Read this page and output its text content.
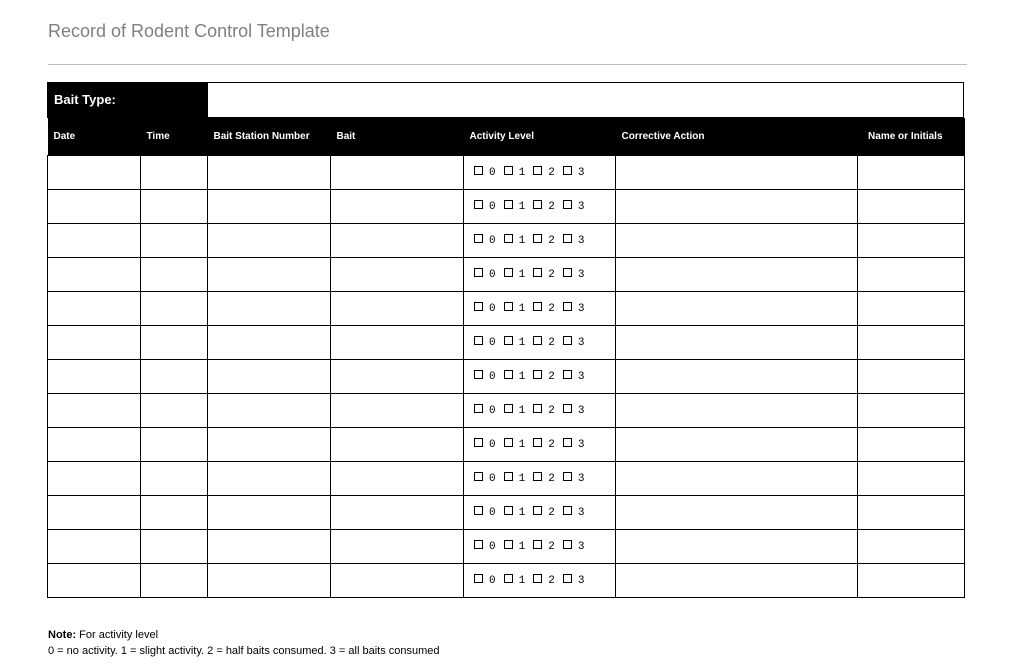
Record of Rodent Control Template
Bait Type:
Date	Time	Bait Station Number	Bait	Activity Level	Corrective Action	Name or Initials
				0 1 2 3		
				0 1 2 3		
				0 1 2 3		
				0 1 2 3		
				0 1 2 3		
				0 1 2 3		
				0 1 2 3		
				0 1 2 3		
				0 1 2 3		
				0 1 2 3		
				0 1 2 3		
				0 1 2 3		
				0 1 2 3		
Note: For activity level
0 = no activity. 1 = slight activity. 2 = half baits consumed. 3 = all baits consumed
